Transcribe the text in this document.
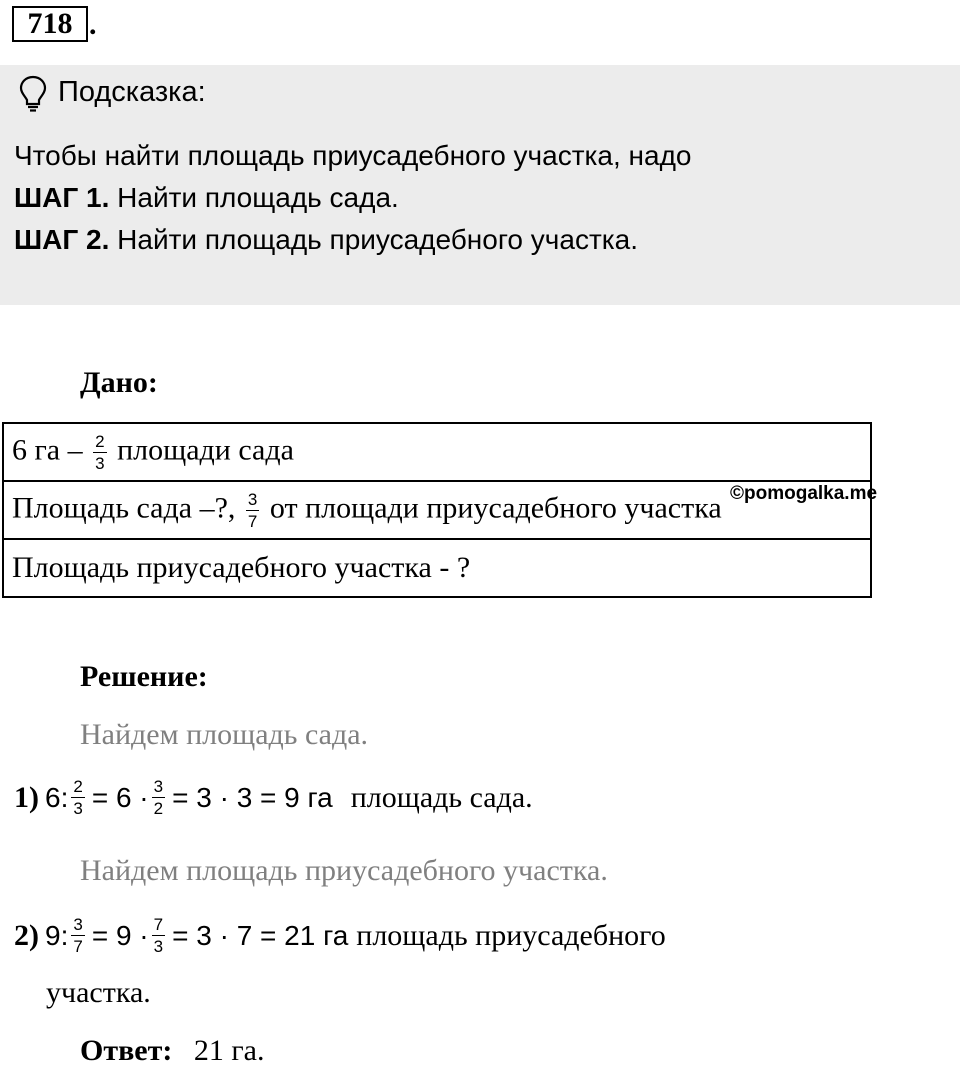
718 .
Подсказка:
Чтобы найти площадь приусадебного участка, надо
ШАГ 1. Найти площадь сада.
ШАГ 2. Найти площадь приусадебного участка.
Дано:
6 га – $\frac{2}{3}$ площади сада
Площадь сада –?, $\frac{3}{7}$ от площади приусадебного участка
Площадь приусадебного участка - ?
©pomogalka.me
Решение:
Найдем площадь сада.
1) 6: $\frac{2}{3} = 6 \cdot \frac{3}{2} = 3 \cdot 3 = 9$ га площадь сада.
Найдем площадь приусадебного участка.
2) 9: $\frac{3}{7} = 9 \cdot \frac{7}{3} = 3 \cdot 7 = 21$ га площадь приусадебного
участка.
Ответ: 21 га.
